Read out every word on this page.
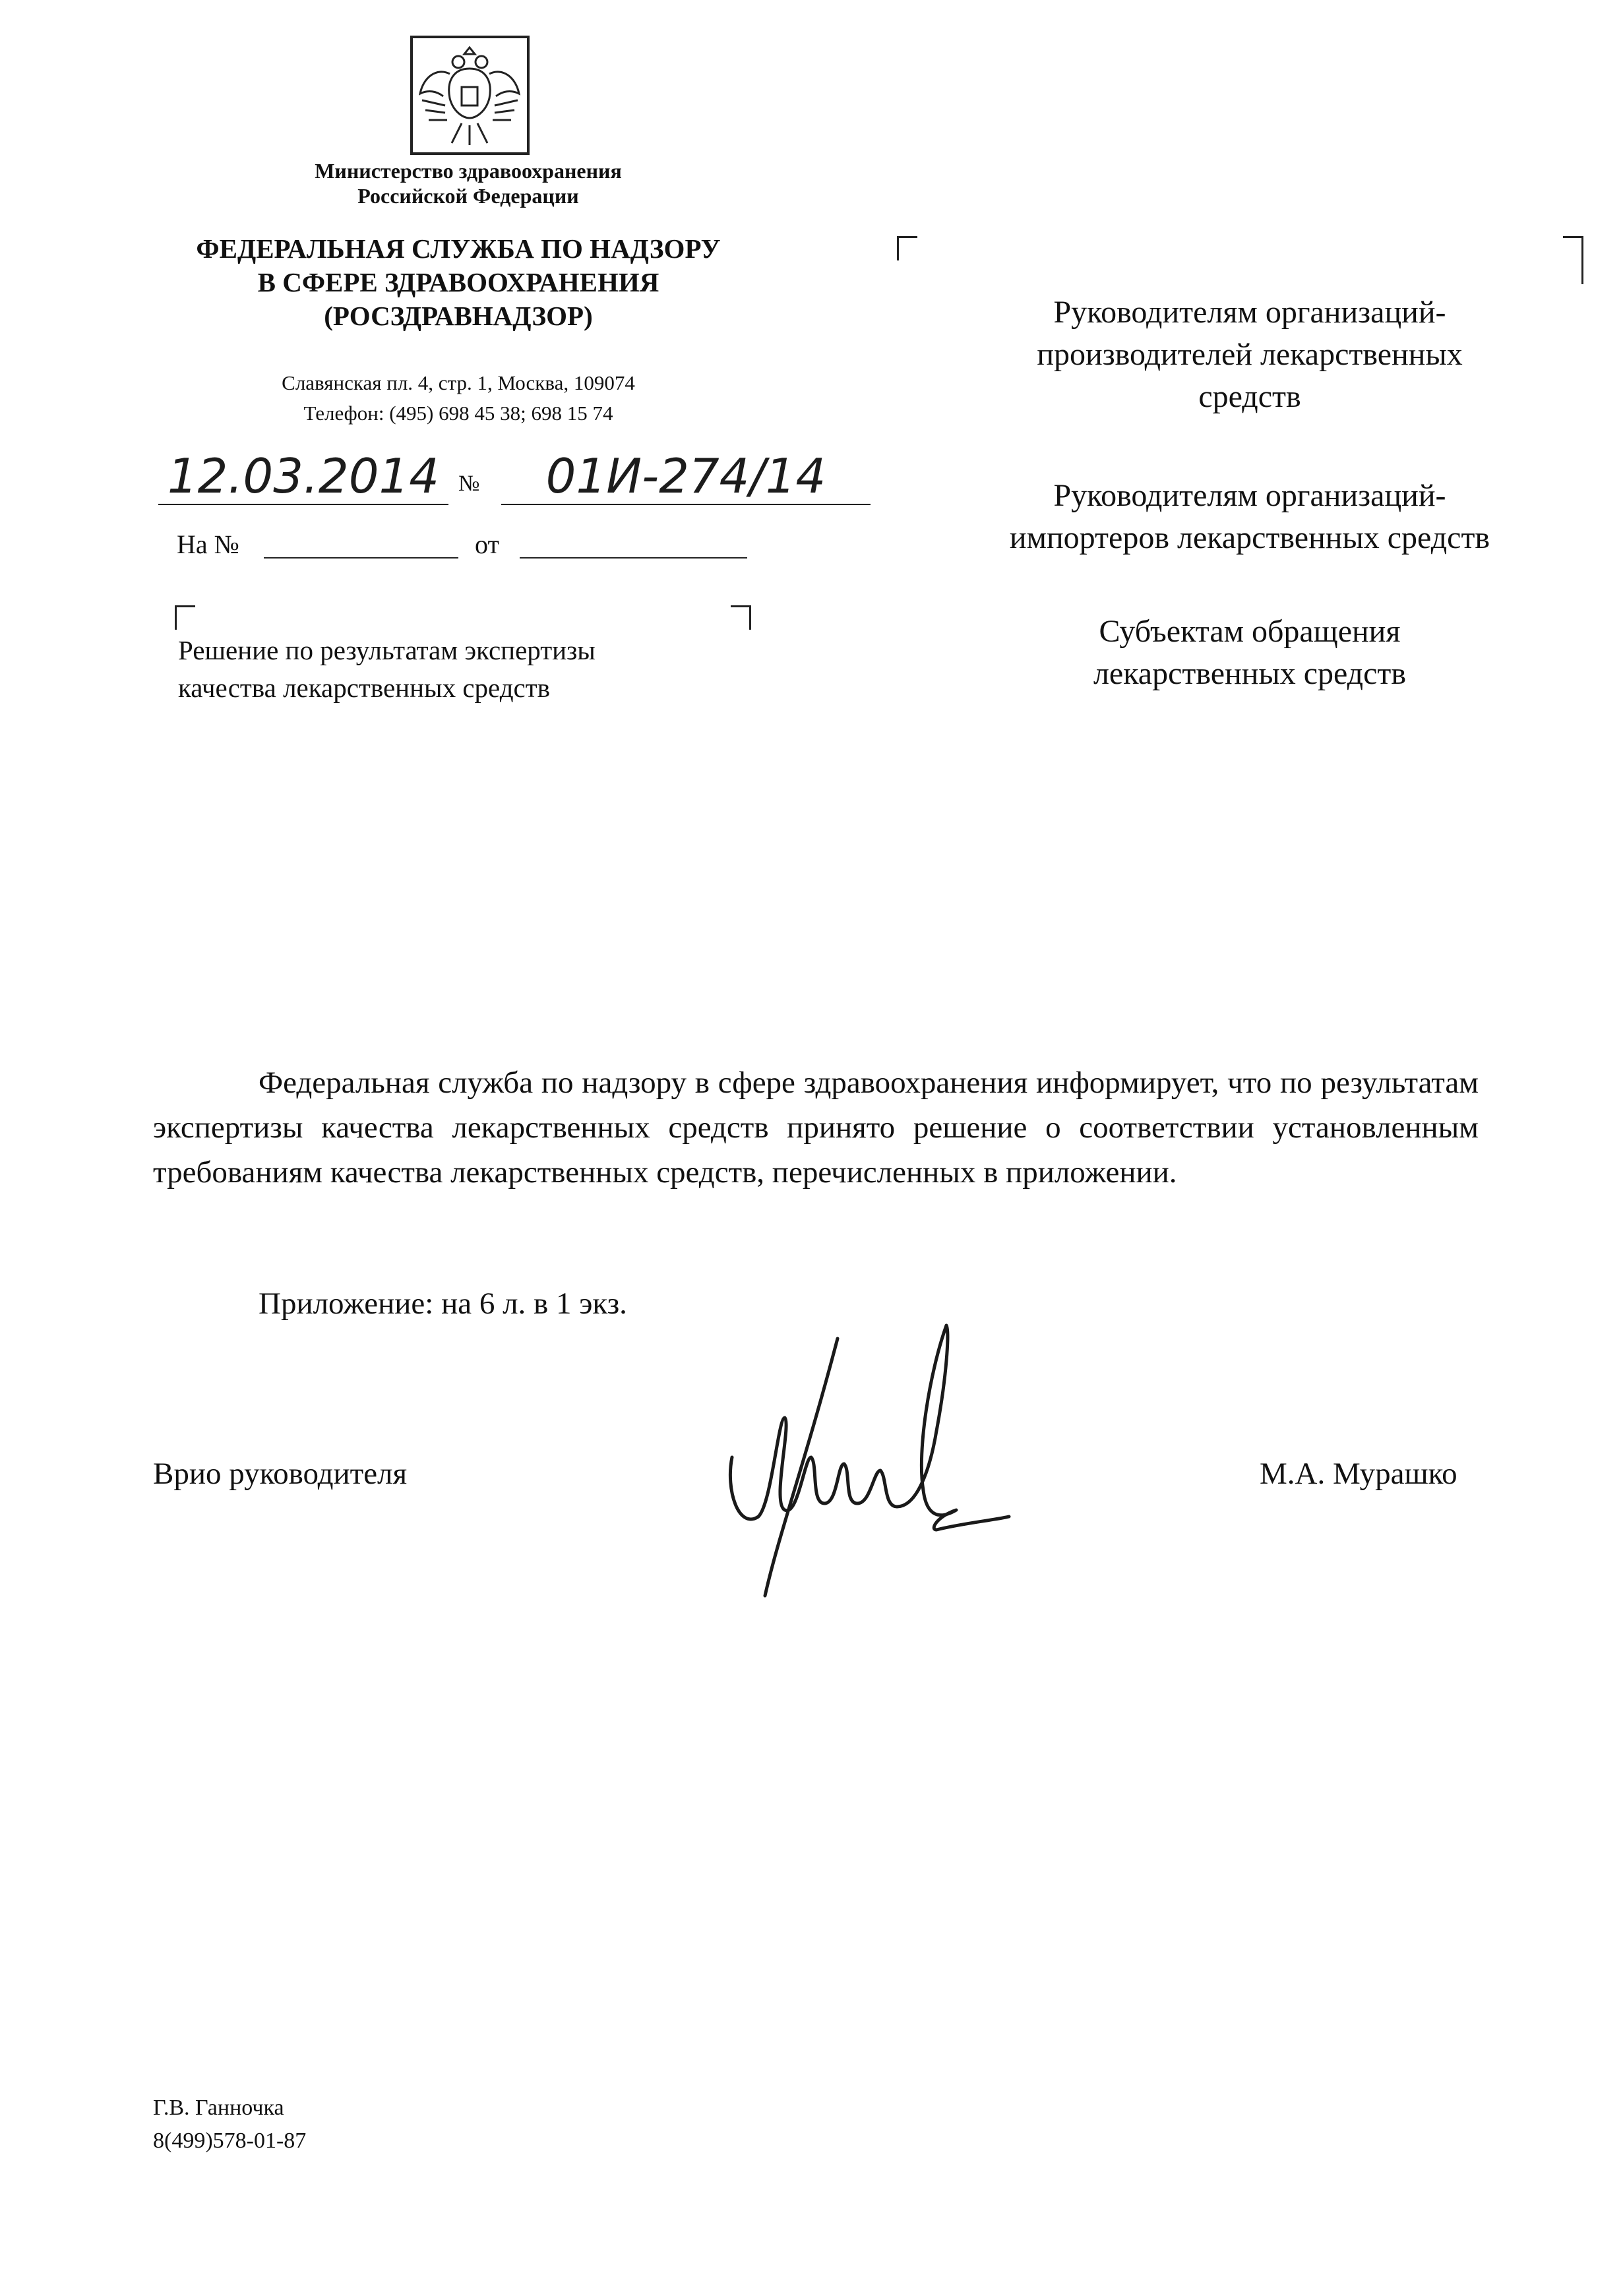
Министерство здравоохранения
Российской Федерации
ФЕДЕРАЛЬНАЯ СЛУЖБА ПО НАДЗОРУ
В СФЕРЕ ЗДРАВООХРАНЕНИЯ
(РОСЗДРАВНАДЗОР)
Славянская пл. 4, стр. 1, Москва, 109074
Телефон: (495) 698 45 38; 698 15 74
12.03.2014 №	01И-274/14
На №	от
Решение по результатам экспертизы
качества лекарственных средств
Руководителям организаций-
производителей лекарственных
средств
Руководителям организаций-
импортеров лекарственных средств
Субъектам обращения
лекарственных средств
Федеральная служба по надзору в сфере здравоохранения информирует, что по результатам экспертизы качества лекарственных средств принято решение о соответствии установленным требованиям качества лекарственных средств, перечисленных в приложении.
Приложение: на 6 л. в 1 экз.
Врио руководителя	М.А. Мурашко
Г.В. Ганночка
8(499)578-01-87
